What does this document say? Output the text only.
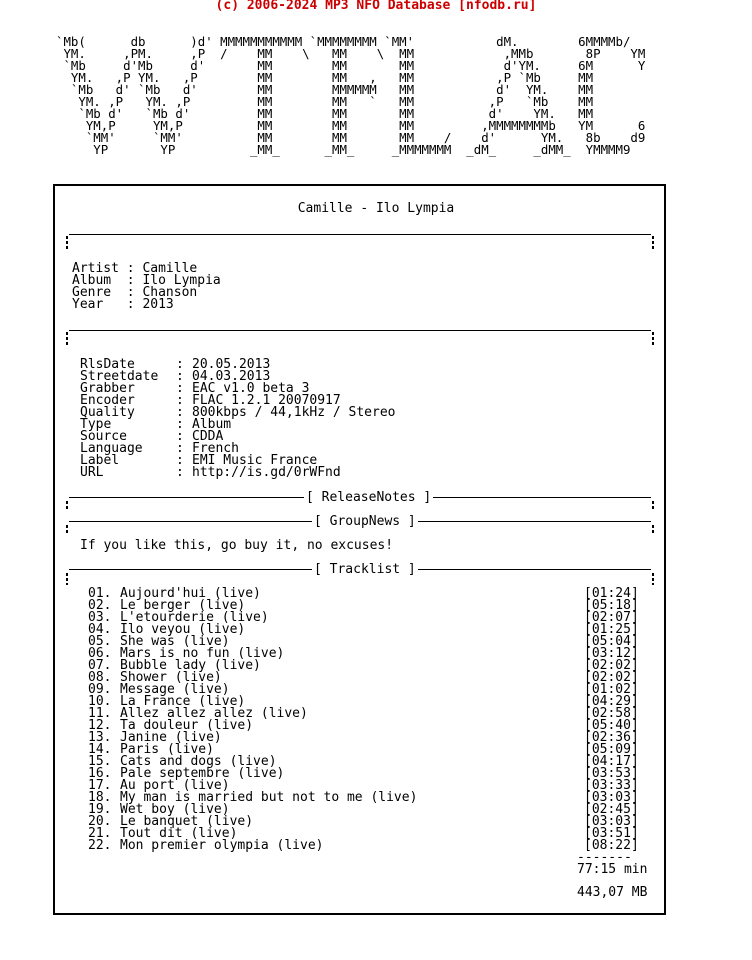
(c) 2006-2024 MP3 NFO Database [nfodb.ru]
`Mb(      db      )d' MMMMMMMMMMM `MMMMMMMM `MM'           dM.        6MMMMb/
YM.     ,PM.     ,P  /    MM    \   MM    \  MM            ,MMb       8P    YM
`Mb     d'Mb     d'       MM        MM       MM            d'YM.     6M      Y
YM.   ,P YM.   ,P        MM        MM   ,   MM           ,P `Mb     MM
`Mb   d' `Mb   d'        MM        MMMMMM   MM           d'  YM.    MM
YM. ,P   YM. ,P         MM        MM   `   MM          ,P   `Mb    MM
`Mb d'   `Mb d'         MM        MM       MM          d'    YM.   MM
YM,P     YM,P          MM        MM       MM         ,MMMMMMMMb   YM      6
`MM'     `MM'          MM        MM       MM    /    d'      YM.   8b    d9
YP       YP          _MM_      _MM_     _MMMMMMM  _dM_     _dMM_  YMMMM9
Camille - Ilo Lympia
Artist : Camille
Album  : Ilo Lympia
Genre  : Chanson
Year   : 2013
RlsDate	: 20.05.2013
Streetdate : 04.03.2013
Grabber	: EAC v1.0 beta 3
Encoder	: FLAC 1.2.1 20070917
Quality	: 800kbps / 44,1kHz / Stereo
Type	: Album
Source	: CDDA
Language	: French
Label	: EMI Music France
URL	: http://is.gd/0rWFnd
[ ReleaseNotes ]
[ GroupNews ]
If you like this, go buy it, no excuses!
[ Tracklist ]
01. Aujourd'hui (live)	[01:24]
02. Le berger (live)	[05:18]
03. L'etourderie (live)	[02:07]
04. Ilo veyou (live)	[01:25]
05. She was (live)	[05:04]
06. Mars is no fun (live)	[03:12]
07. Bubble lady (live)	[02:02]
08. Shower (live)	[02:02]
09. Message (live)	[01:02]
10. La France (live)	[04:29]
11. Allez allez allez (live)	[02:58]
12. Ta douleur (live)	[05:40]
13. Janine (live)	[02:36]
14. Paris (live)	[05:09]
15. Cats and dogs (live)	[04:17]
16. Pale septembre (live)	[03:53]
17. Au port (live)	[03:33]
18. My man is married but not to me (live)	[03:03]
19. Wet boy (live)	[02:45]
20. Le banquet (live)	[03:03]
21. Tout dit (live)	[03:51]
22. Mon premier olympia (live)	[08:22]
-------
77:15 min
443,07 MB
